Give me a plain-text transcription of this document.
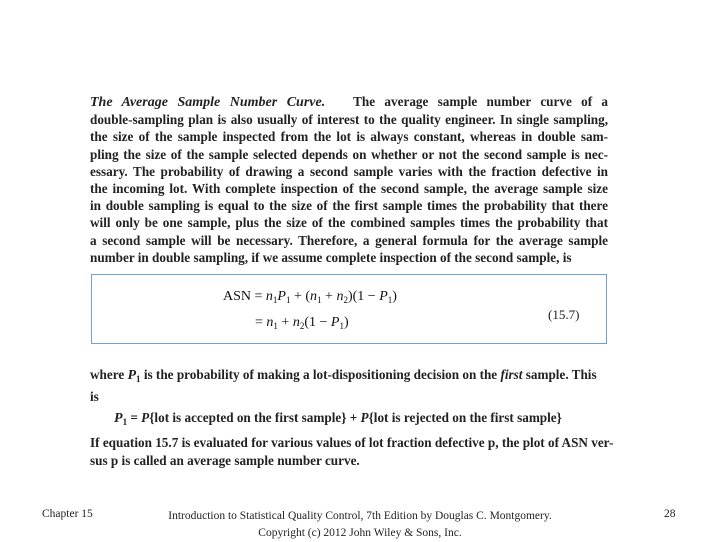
The Average Sample Number Curve. The average sample number curve of a
double-sampling plan is also usually of interest to the quality engineer. In single sampling,
the size of the sample inspected from the lot is always constant, whereas in double sam-
pling the size of the sample selected depends on whether or not the second sample is nec-
essary. The probability of drawing a second sample varies with the fraction defective in
the incoming lot. With complete inspection of the second sample, the average sample size
in double sampling is equal to the size of the first sample times the probability that there
will only be one sample, plus the size of the combined samples times the probability that
a second sample will be necessary. Therefore, a general formula for the average sample
number in double sampling, if we assume complete inspection of the second sample, is
ASN = $n_1P_1 + (n_1 + n_2)(1 - P_1)$
= $n_1 + n_2(1 - P_1)$
(15.7)
where $P_1$ is the probability of making a lot-dispositioning decision on the first sample. This is
$P_1 = P\{lot$ is accepted on the first sample} + P{lot is rejected on the first sample}
If equation 15.7 is evaluated for various values of lot fraction defective p, the plot of ASN ver-
sus p is called an average sample number curve.
Chapter 15	Introduction to Statistical Quality Control, 7th Edition by Douglas C. Montgomery.
Copyright (c) 2012 John Wiley & Sons, Inc.
28
